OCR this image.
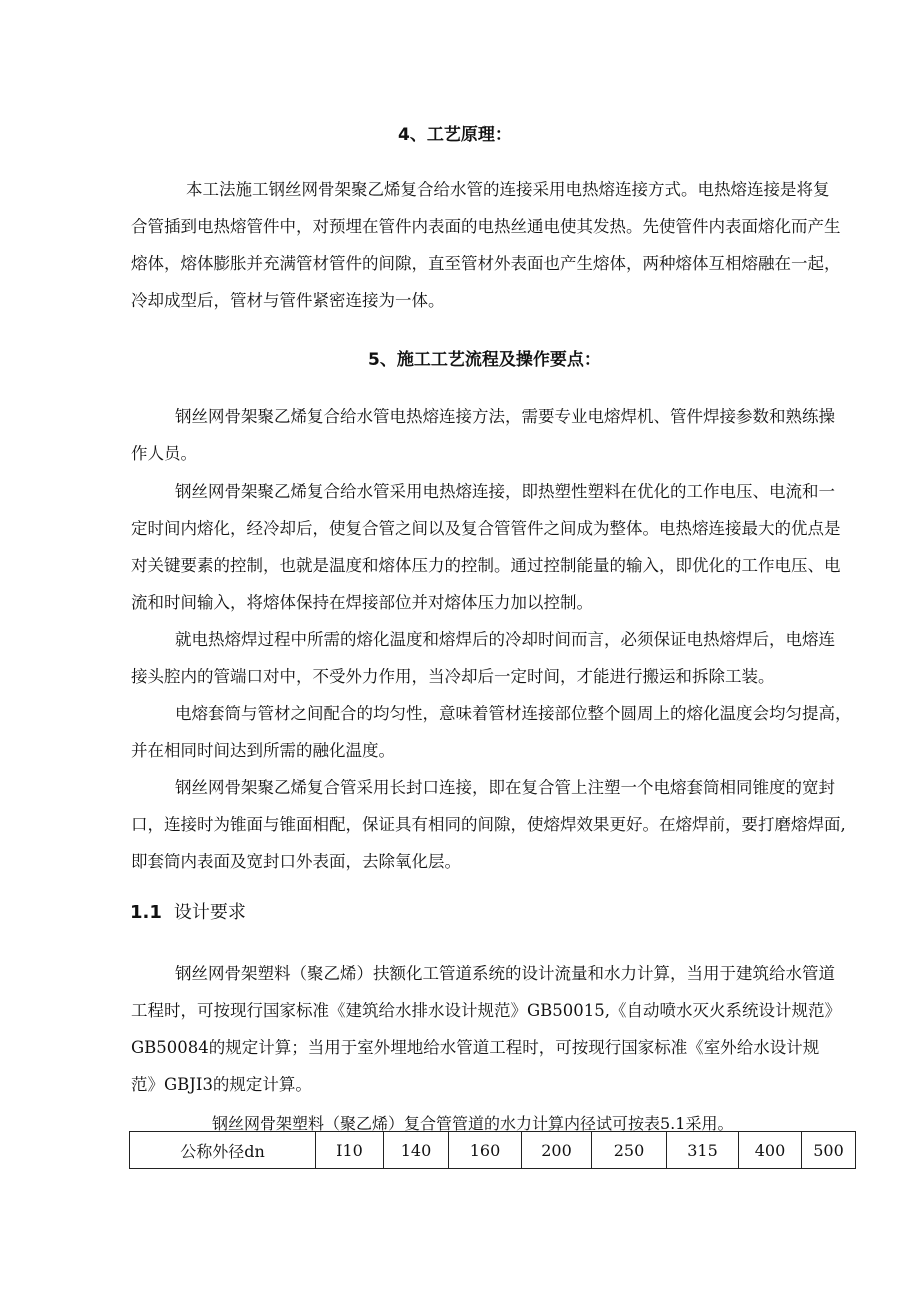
4、工艺原理：
本工法施工钢丝网骨架聚乙烯复合给水管的连接采用电热熔连接方式。电热熔连接是将复
合管插到电热熔管件中，对预埋在管件内表面的电热丝通电使其发热。先使管件内表面熔化而产生
熔体，熔体膨胀并充满管材管件的间隙，直至管材外表面也产生熔体，两种熔体互相熔融在一起，
冷却成型后，管材与管件紧密连接为一体。
5、施工工艺流程及操作要点：
钢丝网骨架聚乙烯复合给水管电热熔连接方法，需要专业电熔焊机、管件焊接参数和熟练操
作人员。
钢丝网骨架聚乙烯复合给水管采用电热熔连接，即热塑性塑料在优化的工作电压、电流和一
定时间内熔化，经冷却后，使复合管之间以及复合管管件之间成为整体。电热熔连接最大的优点是
对关键要素的控制，也就是温度和熔体压力的控制。通过控制能量的输入，即优化的工作电压、电
流和时间输入，将熔体保持在焊接部位并对熔体压力加以控制。
就电热熔焊过程中所需的熔化温度和熔焊后的冷却时间而言，必须保证电热熔焊后，电熔连
接头腔内的管端口对中，不受外力作用，当冷却后一定时间，才能进行搬运和拆除工装。
电熔套筒与管材之间配合的均匀性，意味着管材连接部位整个圆周上的熔化温度会均匀提高，
并在相同时间达到所需的融化温度。
钢丝网骨架聚乙烯复合管采用长封口连接，即在复合管上注塑一个电熔套筒相同锥度的宽封
口，连接时为锥面与锥面相配，保证具有相同的间隙，使熔焊效果更好。在熔焊前，要打磨熔焊面,
即套筒内表面及宽封口外表面，去除氧化层。
1.1 设计要求
钢丝网骨架塑料（聚乙烯）扶额化工管道系统的设计流量和水力计算，当用于建筑给水管道
工程时，可按现行国家标准《建筑给水排水设计规范》GB50015,《自动喷水灭火系统设计规范》
GB50084的规定计算；当用于室外埋地给水管道工程时，可按现行国家标准《室外给水设计规
范》GBJI3的规定计算。
钢丝网骨架塑料（聚乙烯）复合管管道的水力计算内径试可按表5.1采用。
公称外径dn	I10	140	160	200	250	315	400	500
